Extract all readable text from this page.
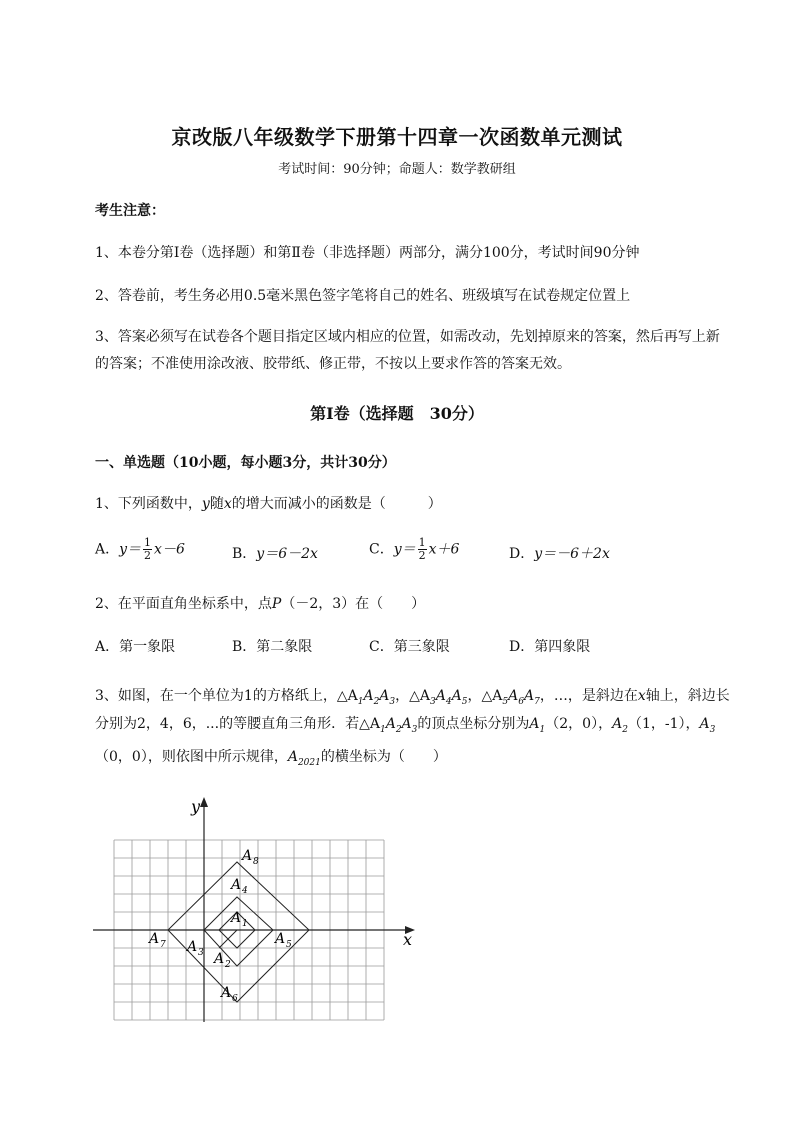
京改版八年级数学下册第十四章一次函数单元测试
考试时间：90分钟；命题人：数学教研组
考生注意：
1、本卷分第Ⅰ卷（选择题）和第Ⅱ卷（非选择题）两部分，满分100分，考试时间90分钟
2、答卷前，考生务必用0.5毫米黑色签字笔将自己的姓名、班级填写在试卷规定位置上
3、答案必须写在试卷各个题目指定区域内相应的位置，如需改动，先划掉原来的答案，然后再写上新
的答案；不准使用涂改液、胶带纸、修正带，不按以上要求作答的答案无效。
第Ⅰ卷（选择题　30分）
一、单选题（10小题，每小题3分，共计30分）
1、下列函数中，y随x的增大而减小的函数是（　　　）
A．$y= \frac{1}{2} x-6$	B．y＝6－2x	C．$y= \frac{1}{2} x+6$	D．y＝－6＋2x
2、在平面直角坐标系中，点P（－2，3）在（　　）
A．第一象限	B．第二象限	C．第三象限	D．第四象限
3、如图，在一个单位为1的方格纸上，$\triangle A_1A_2A_3$，$\triangle A_3A_4A_5$，$\triangle A_5A_6A_7$，…，是斜边在x轴上，斜边长
分别为2，4，6，...的等腰直角三角形．若$\triangle A_1A_2A_3$的顶点坐标分别为$A_1(2$，0），$A_2(1$，-1），$A_3$
（0，0），则依图中所示规律，$A_{2021}$的横坐标为（　　）
y
x
A 8
A 4
A 1
A 7 A 3
A 5
A 2
A 6
